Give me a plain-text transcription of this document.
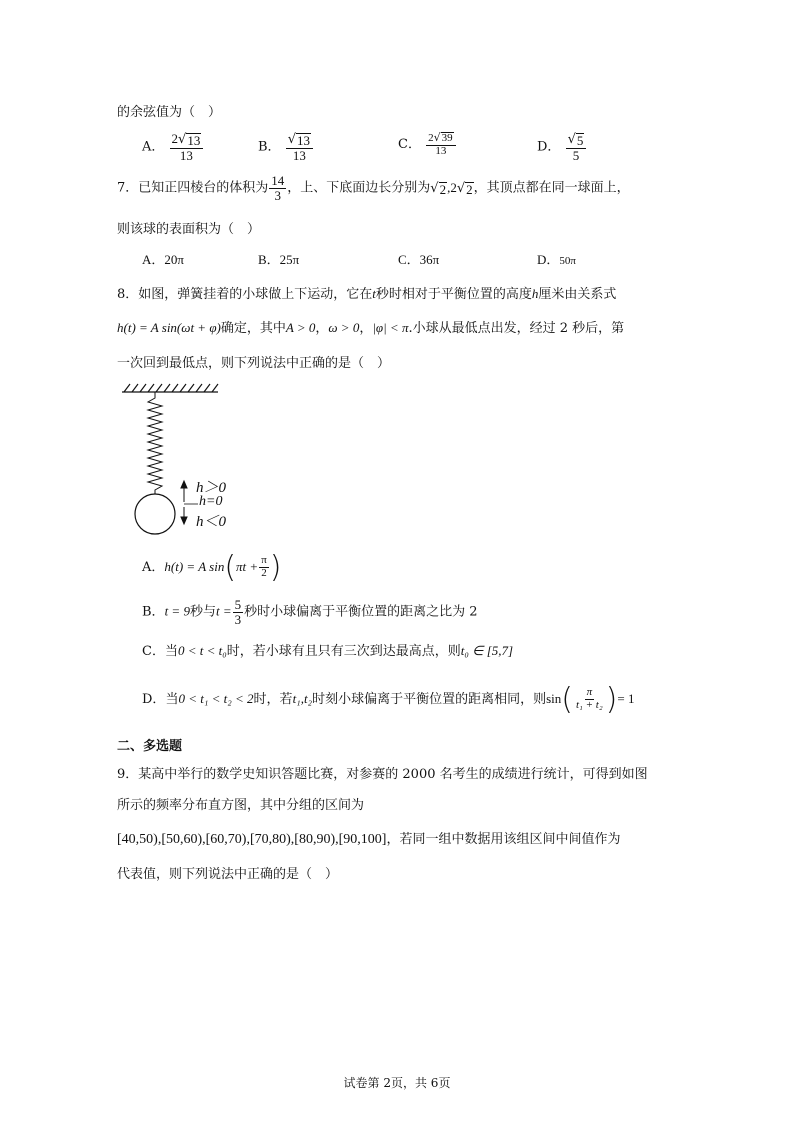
的余弦值为（　）
A． $\frac{2 √ 13}{13}$	B． $\frac{√ 13}{13}$	C． $\frac{2 √ 39}{13}$	D． $\frac{√ 5}{5}$
7．已知正四棱台的体积为 $\frac{14}{3}$ ，上、下底面边长分别为 √ 2 ,2 √ 2 ，其顶点都在同一球面上，
则该球的表面积为（　）
A．20π	B．25π	C．36π	D．50π
8．如图，弹簧挂着的小球做上下运动，它在t秒时相对于平衡位置的高度h厘米由关系式
h(t) = A sin(ωt + φ)确定，其中A > 0，ω > 0，|φ| < π.小球从最低点出发，经过 2 秒后，第
一次回到最低点，则下列说法中正确的是（　）
h＞0
h=0
h＜0
A．h(t) = A $\sin(\pi t + \frac{\pi}{2}$ )
B．t = 9秒与$t = \frac{5}{3}$ 秒时小球偏离于平衡位置的距离之比为 2
C．当0 < t < t₀时，若小球有且只有三次到达最高点，则t₀ ∈ [5,7]
D．当0 < t₁ < t₂ < 2时，若t₁,t₂时刻小球偏离于平衡位置的距离相同，则$\sin( \frac{\pi}{\text{t₁ + t₂}}$ )= 1
二、多选题
9．某高中举行的数学史知识答题比赛，对参赛的 2000 名考生的成绩进行统计，可得到如图
所示的频率分布直方图，其中分组的区间为
[40,50),[50,60),[60,70),[70,80),[80,90),[90,100]，若同一组中数据用该组区间中间值作为
代表值，则下列说法中正确的是（　）
试卷第 2页，共 6页
